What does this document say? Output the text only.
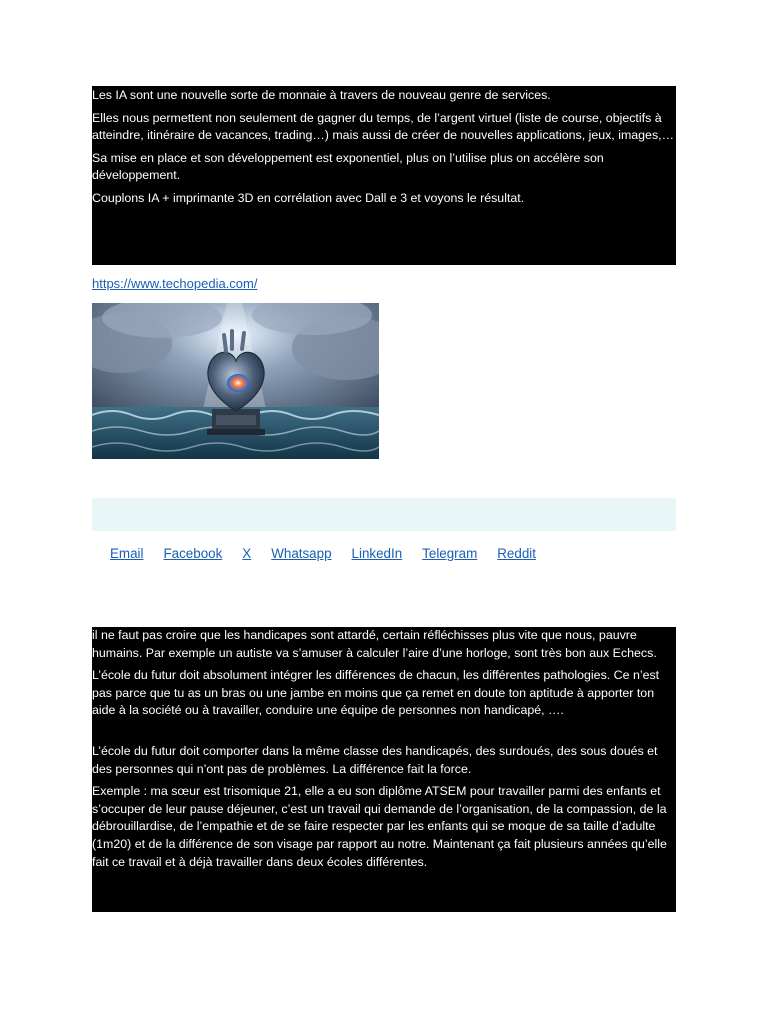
Les IA sont une nouvelle sorte de monnaie à travers de nouveau genre de services.

Elles nous permettent non seulement de gagner du temps, de l’argent virtuel (liste de course, objectifs à atteindre, itinéraire de vacances, trading…) mais aussi de créer de nouvelles applications, jeux, images,…

Sa mise en place et son développement est exponentiel, plus on l’utilise plus on accélère son développement.

Couplons IA + imprimante 3D en corrélation avec Dall e 3 et voyons le résultat.

https://www.techopedia.com/
Email Facebook X Whatsapp LinkedIn Telegram Reddit

il ne faut pas croire que les handicapes sont attardé, certain réfléchisses plus vite que nous, pauvre humains. Par exemple un autiste va s’amuser à calculer l’aire d’une horloge, sont très bon aux Echecs.

L’école du futur doit absolument intégrer les différences de chacun, les différentes pathologies. Ce n’est pas parce que tu as un bras ou une jambe en moins que ça remet en doute ton aptitude à apporter ton aide à la société ou à travailler, conduire une équipe de personnes non handicapé, ….

L’école du futur doit comporter dans la même classe des handicapés, des surdoués, des sous doués et des personnes qui n’ont pas de problèmes. La différence fait la force.

Exemple : ma sœur est trisomique 21, elle a eu son diplôme ATSEM pour travailler parmi des enfants et s’occuper de leur pause déjeuner, c’est un travail qui demande de l’organisation, de la compassion, de la débrouillardise, de l’empathie et de se faire respecter par les enfants qui se moque de sa taille d’adulte (1m20) et de la différence de son visage par rapport au notre. Maintenant ça fait plusieurs années qu’elle fait ce travail et à déjà travailler dans deux écoles différentes.
